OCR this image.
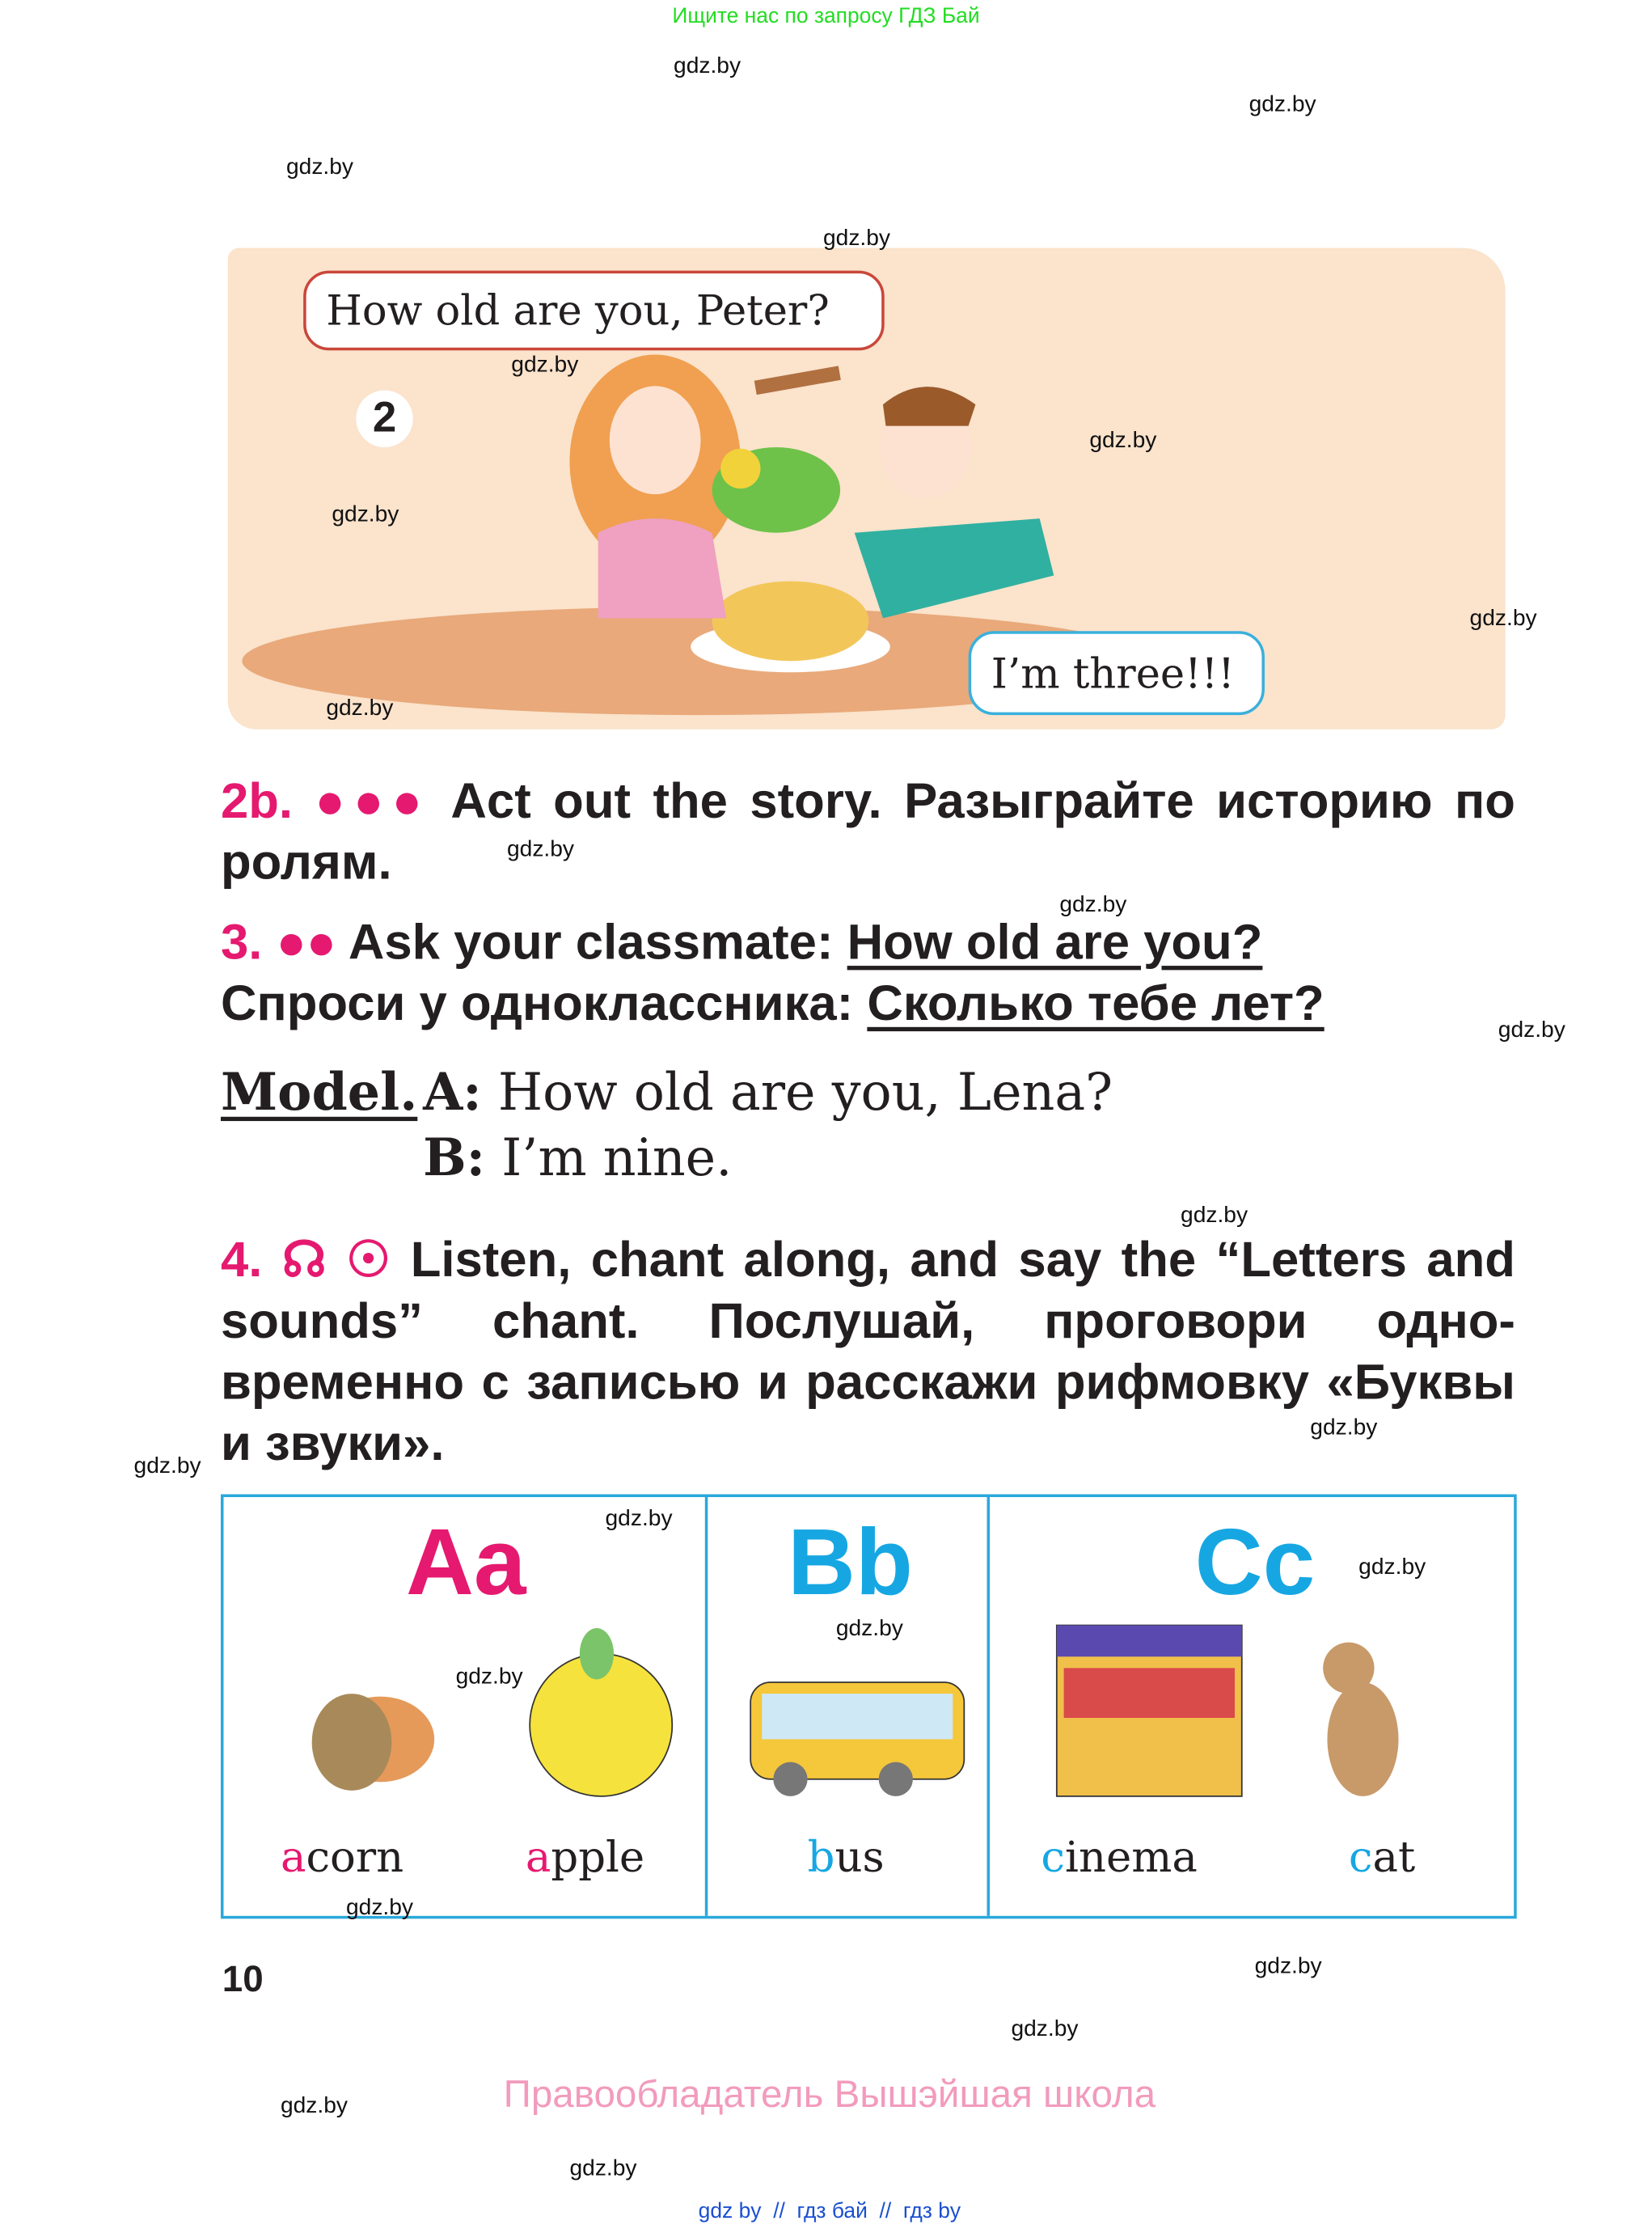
Ищите нас по запросу ГДЗ Бай
How old are you, Peter?
I’m three!!!
2
2b. ●●● Act out the story. Разыграйте историю по ролям.
3. ●● Ask your classmate: How old are you?
Спроси у одноклассника: Сколько тебе лет?
Model. A: How old are you, Lena?
B: I’m nine.
4. ☊ ☉ Listen, chant along, and say the “Letters and sounds” chant. Послушай, проговори одно-временно с записью и расскажи рифмовку «Буквы и звуки».
Aa	Bb	Cc
acorn	apple	bus	cinema	cat
10
Правообладатель Вышэйшая школа
gdz by  //  гдз бай  //  гдз by
gdz.by
gdz.by
gdz.by
gdz.by
gdz.by
gdz.by
gdz.by
gdz.by
gdz.by
gdz.by
gdz.by
gdz.by
gdz.by
gdz.by
gdz.by
gdz.by
gdz.by
gdz.by
gdz.by
gdz.by
gdz.by
gdz.by
gdz.by
gdz.by
